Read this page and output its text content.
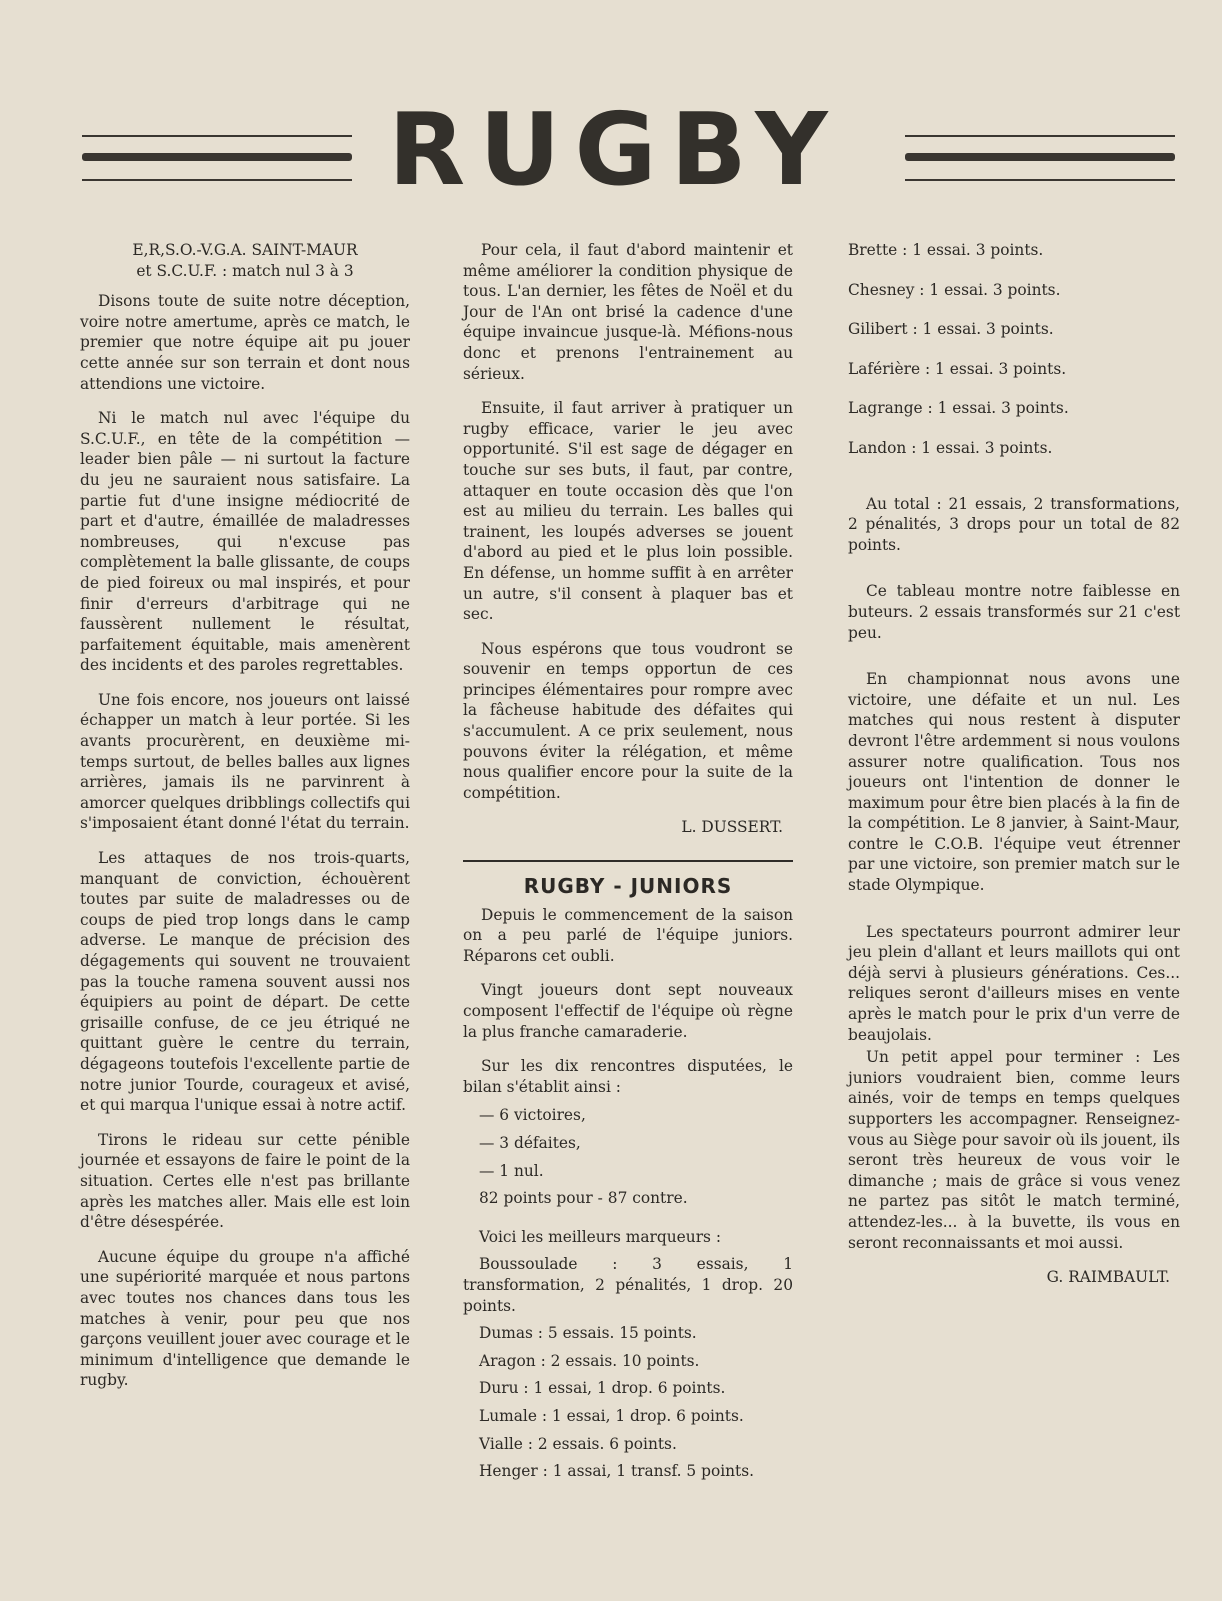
RUGBY

E,R,S.O.-V.G.A. SAINT-MAUR
et S.C.U.F. : match nul 3 à 3

Disons toute de suite notre déception, voire notre amertume, après ce match, le premier que notre équipe ait pu jouer cette année sur son terrain et dont nous attendions une victoire.

Ni le match nul avec l'équipe du S.C.U.F., en tête de la compétition — leader bien pâle — ni surtout la facture du jeu ne sauraient nous satisfaire. La partie fut d'une insigne médiocrité de part et d'autre, émaillée de maladresses nombreuses, qui n'excuse pas complètement la balle glissante, de coups de pied foireux ou mal inspirés, et pour finir d'erreurs d'arbitrage qui ne faussèrent nullement le résultat, parfaitement équitable, mais amenèrent des incidents et des paroles regrettables.

Une fois encore, nos joueurs ont laissé échapper un match à leur portée. Si les avants procurèrent, en deuxième mi-temps surtout, de belles balles aux lignes arrières, jamais ils ne parvinrent à amorcer quelques dribblings collectifs qui s'imposaient étant donné l'état du terrain.

Les attaques de nos trois-quarts, manquant de conviction, échouèrent toutes par suite de maladresses ou de coups de pied trop longs dans le camp adverse. Le manque de précision des dégagements qui souvent ne trouvaient pas la touche ramena souvent aussi nos équipiers au point de départ. De cette grisaille confuse, de ce jeu étriqué ne quittant guère le centre du terrain, dégageons toutefois l'excellente partie de notre junior Tourde, courageux et avisé, et qui marqua l'unique essai à notre actif.

Tirons le rideau sur cette pénible journée et essayons de faire le point de la situation. Certes elle n'est pas brillante après les matches aller. Mais elle est loin d'être désespérée.

Aucune équipe du groupe n'a affiché une supériorité marquée et nous partons avec toutes nos chances dans tous les matches à venir, pour peu que nos garçons veuillent jouer avec courage et le minimum d'intelligence que demande le rugby.

Pour cela, il faut d'abord maintenir et même améliorer la condition physique de tous. L'an dernier, les fêtes de Noël et du Jour de l'An ont brisé la cadence d'une équipe invaincue jusque-là. Méfions-nous donc et prenons l'entrainement au sérieux.

Ensuite, il faut arriver à pratiquer un rugby efficace, varier le jeu avec opportunité. S'il est sage de dégager en touche sur ses buts, il faut, par contre, attaquer en toute occasion dès que l'on est au milieu du terrain. Les balles qui trainent, les loupés adverses se jouent d'abord au pied et le plus loin possible. En défense, un homme suffit à en arrêter un autre, s'il consent à plaquer bas et sec.

Nous espérons que tous voudront se souvenir en temps opportun de ces principes élémentaires pour rompre avec la fâcheuse habitude des défaites qui s'accumulent. A ce prix seulement, nous pouvons éviter la rélégation, et même nous qualifier encore pour la suite de la compétition.

L. DUSSERT.

RUGBY - JUNIORS

Depuis le commencement de la saison on a peu parlé de l'équipe juniors. Réparons cet oubli.

Vingt joueurs dont sept nouveaux composent l'effectif de l'équipe où règne la plus franche camaraderie.

Sur les dix rencontres disputées, le bilan s'établit ainsi :

— 6 victoires,
— 3 défaites,
— 1 nul.
82 points pour - 87 contre.
Voici les meilleurs marqueurs :
Boussoulade : 3 essais, 1 transformation, 2 pénalités, 1 drop. 20 points.
Dumas : 5 essais. 15 points.
Aragon : 2 essais. 10 points.
Duru : 1 essai, 1 drop. 6 points.
Lumale : 1 essai, 1 drop. 6 points.
Vialle : 2 essais. 6 points.
Henger : 1 assai, 1 transf. 5 points.
Brette : 1 essai. 3 points.
Chesney : 1 essai. 3 points.
Gilibert : 1 essai. 3 points.
Laférière : 1 essai. 3 points.
Lagrange : 1 essai. 3 points.
Landon : 1 essai. 3 points.

Au total : 21 essais, 2 transformations, 2 pénalités, 3 drops pour un total de 82 points.

Ce tableau montre notre faiblesse en buteurs. 2 essais transformés sur 21 c'est peu.

En championnat nous avons une victoire, une défaite et un nul. Les matches qui nous restent à disputer devront l'être ardemment si nous voulons assurer notre qualification. Tous nos joueurs ont l'intention de donner le maximum pour être bien placés à la fin de la compétition. Le 8 janvier, à Saint-Maur, contre le C.O.B. l'équipe veut étrenner par une victoire, son premier match sur le stade Olympique.

Les spectateurs pourront admirer leur jeu plein d'allant et leurs maillots qui ont déjà servi à plusieurs générations. Ces... reliques seront d'ailleurs mises en vente après le match pour le prix d'un verre de beaujolais.

Un petit appel pour terminer : Les juniors voudraient bien, comme leurs ainés, voir de temps en temps quelques supporters les accompagner. Renseignez-vous au Siège pour savoir où ils jouent, ils seront très heureux de vous voir le dimanche ; mais de grâce si vous venez ne partez pas sitôt le match terminé, attendez-les... à la buvette, ils vous en seront reconnaissants et moi aussi.

G. RAIMBAULT.
